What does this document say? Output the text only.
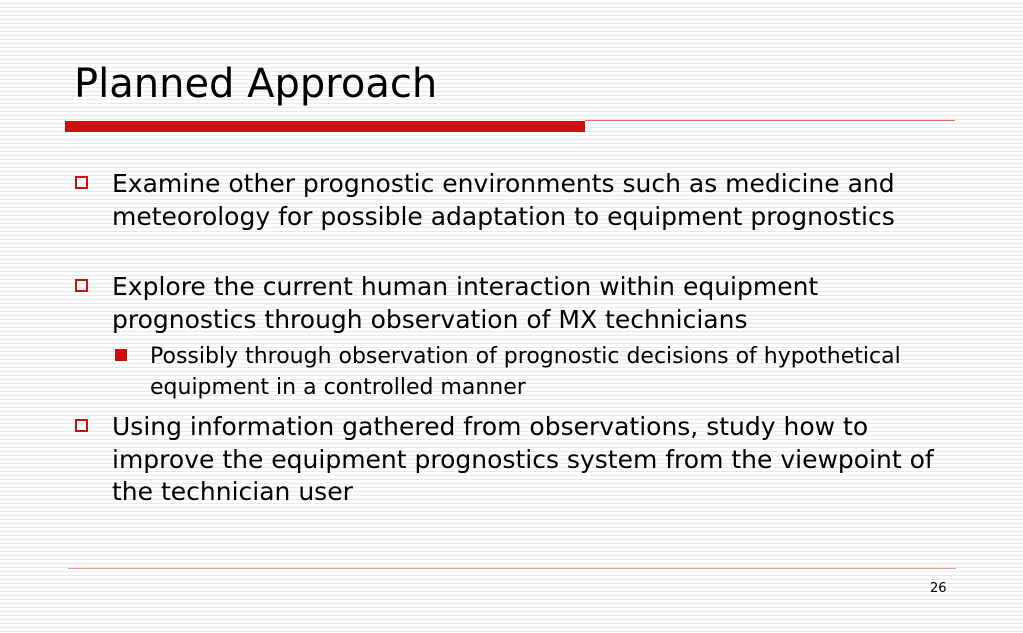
Planned Approach
Examine other prognostic environments such as medicine and meteorology for possible adaptation to equipment prognostics
Explore the current human interaction within equipment prognostics through observation of MX technicians
Possibly through observation of prognostic decisions of hypothetical equipment in a controlled manner
Using information gathered from observations, study how to improve the equipment prognostics system from the viewpoint of the technician user
26
